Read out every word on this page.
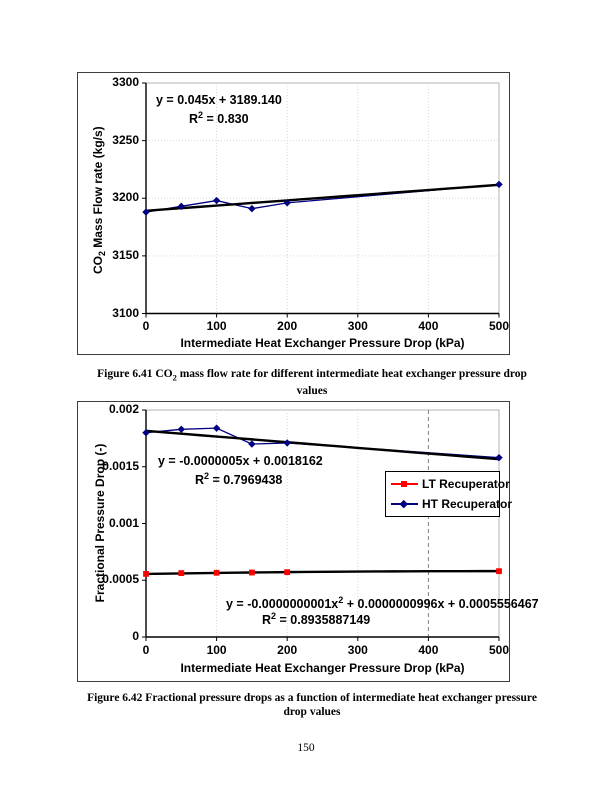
y = 0.045x + 3189.140
$R^2 = 0.830$
$CO_2$ Mass Flow rate (kg/s)
Intermediate Heat Exchanger Pressure Drop (kPa)

Figure 6.41 $CO_2$ mass flow rate for different intermediate heat exchanger pressure drop
values

y = -0.0000005x + 0.0018162
$R^2 = 0.7969438$
$y = -0.0000000001x^2 + 0.0000000996x + 0.0005556467$
$R^2 = 0.8935887149$
Fractional Pressure Drop (-)
Intermediate Heat Exchanger Pressure Drop (kPa)
LT Recuperator
HT Recuperator

Figure 6.42 Fractional pressure drops as a function of intermediate heat exchanger pressure
drop values

150
0	100	200	300	400	500
3100
3150
3200
3250
3300
0	100	200	300	400	500
0
0.0005
0.001
0.0015
0.002
